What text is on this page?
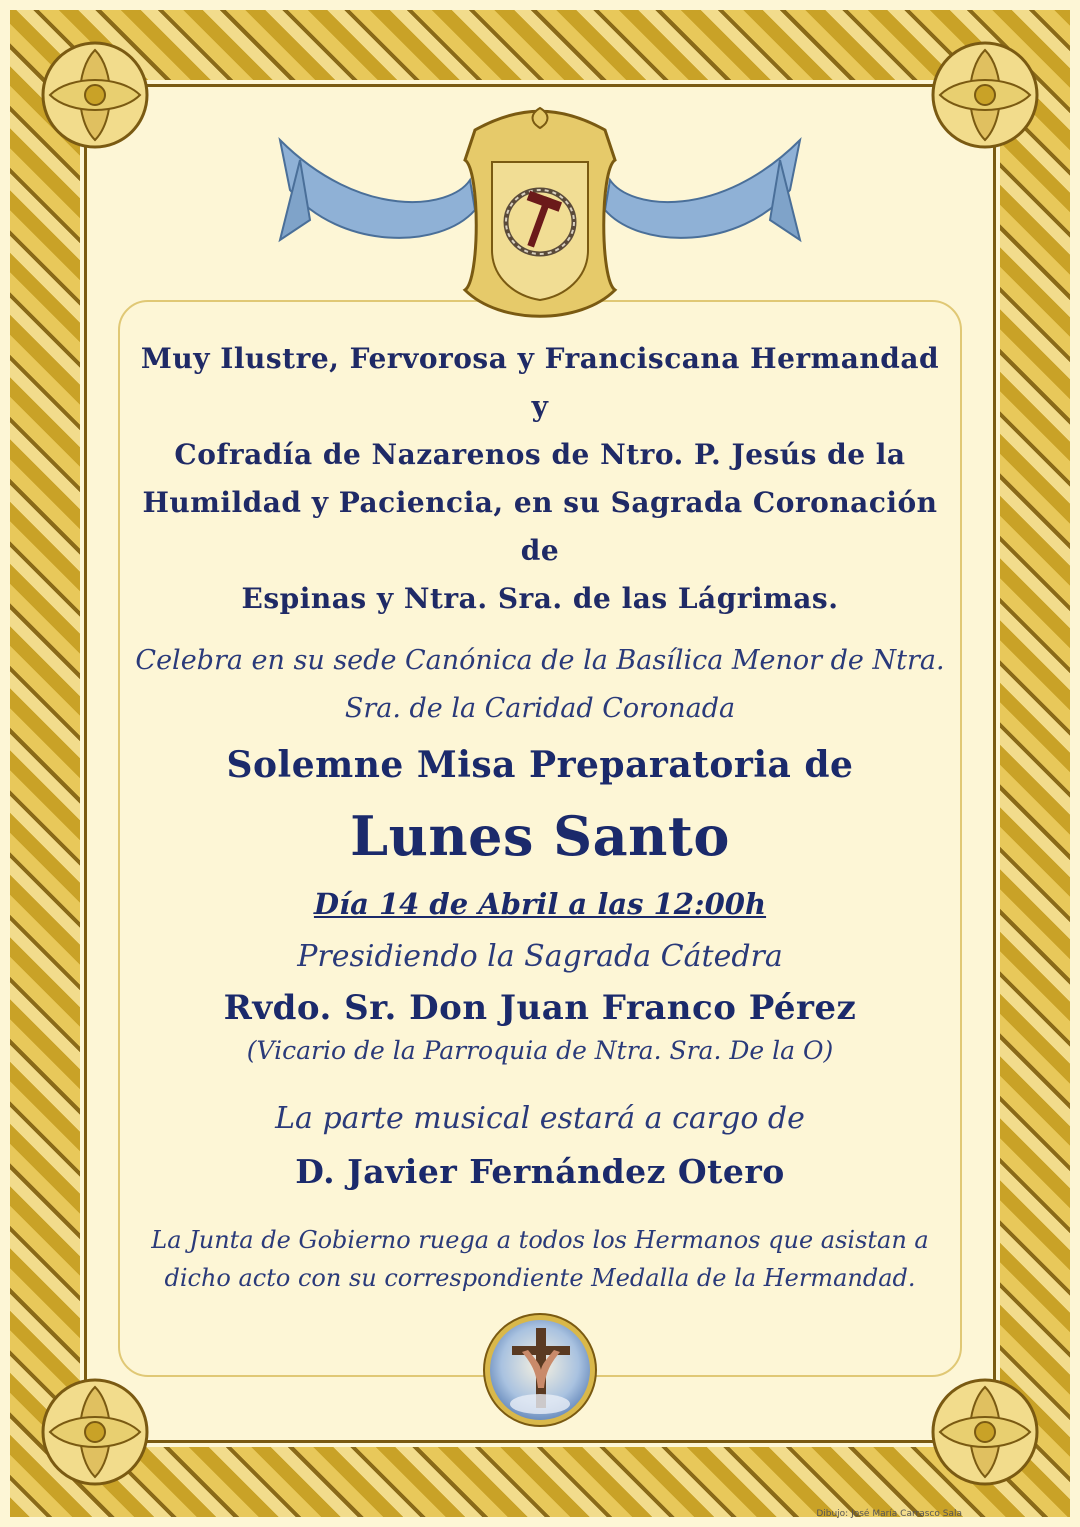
Muy Ilustre, Fervorosa y Franciscana Hermandad y
Cofradía de Nazarenos de Ntro. P. Jesús de la
Humildad y Paciencia, en su Sagrada Coronación de
Espinas y Ntra. Sra. de las Lágrimas.
Celebra en su sede Canónica de la Basílica Menor de Ntra.
Sra. de la Caridad Coronada
Solemne Misa Preparatoria de
Lunes Santo
Día 14 de Abril a las 12:00h
Presidiendo la Sagrada Cátedra
Rvdo. Sr. Don Juan Franco Pérez
(Vicario de la Parroquia de Ntra. Sra. De la O)
La parte musical estará a cargo de
D. Javier Fernández Otero
La Junta de Gobierno ruega a todos los Hermanos que asistan a
dicho acto con su correspondiente Medalla de la Hermandad.
Dibujo: José María Carrasco Sala
